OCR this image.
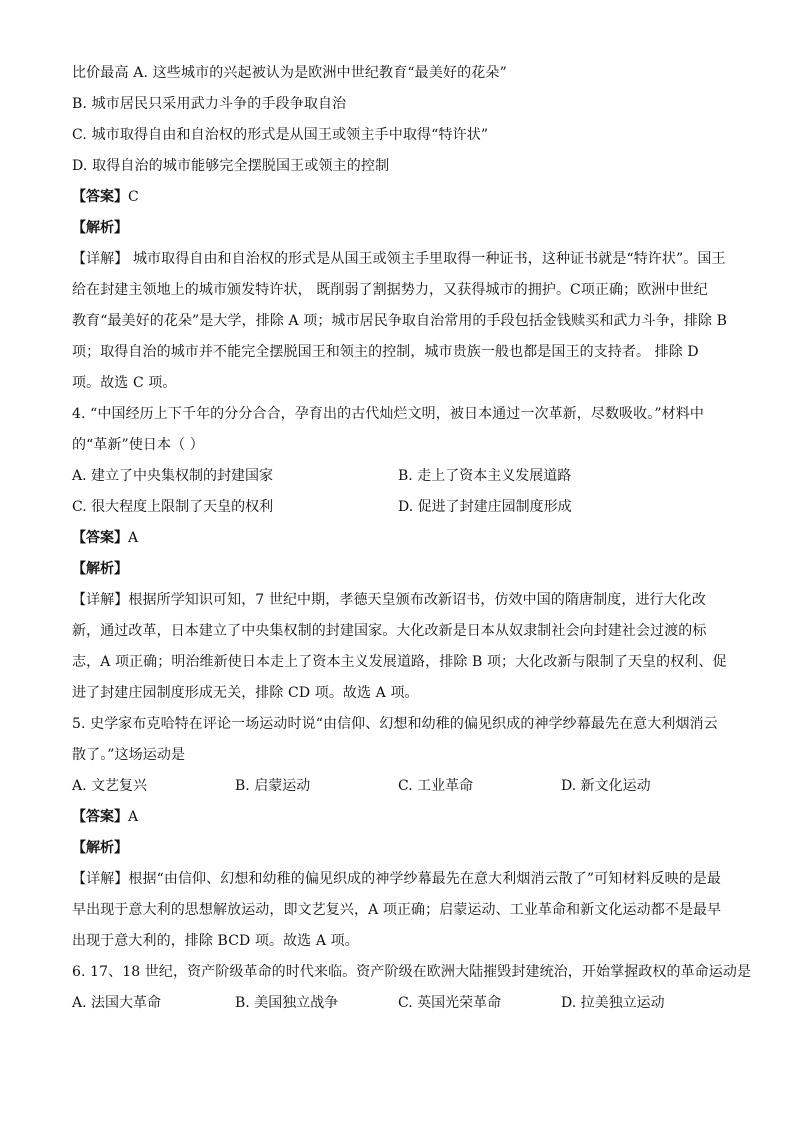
比价最高 A. 这些城市的兴起被认为是欧洲中世纪教育“最美好的花朵”
B. 城市居民只采用武力斗争的手段争取自治
C. 城市取得自由和自治权的形式是从国王或领主手中取得“特许状”
D. 取得自治的城市能够完全摆脱国王或领主的控制
【答案】C
【解析】
【详解】 城市取得自由和自治权的形式是从国王或领主手里取得一种证书，这种证书就是“特许状”。国王
给在封建主领地上的城市颁发特许状， 既削弱了割据势力，又获得城市的拥护。C项正确；欧洲中世纪
教育“最美好的花朵”是大学，排除 A 项；城市居民争取自治常用的手段包括金钱赎买和武力斗争，排除 B
项；取得自治的城市并不能完全摆脱国王和领主的控制，城市贵族一般也都是国王的支持者。 排除 D
项。故选 C 项。
4. “中国经历上下千年的分分合合，孕育出的古代灿烂文明，被日本通过一次革新，尽数吸收。”材料中
的“革新”使日本（ ）
A. 建立了中央集权制的封建国家	B. 走上了资本主义发展道路
C. 很大程度上限制了天皇的权利	D. 促进了封建庄园制度形成
【答案】A
【解析】
【详解】根据所学知识可知，7 世纪中期，孝德天皇颁布改新诏书，仿效中国的隋唐制度，进行大化改
新，通过改革，日本建立了中央集权制的封建国家。大化改新是日本从奴隶制社会向封建社会过渡的标
志，A 项正确；明治维新使日本走上了资本主义发展道路，排除 B 项；大化改新与限制了天皇的权利、促
进了封建庄园制度形成无关，排除 CD 项。故选 A 项。
5. 史学家布克哈特在评论一场运动时说“由信仰、幻想和幼稚的偏见织成的神学纱幕最先在意大利烟消云
散了。”这场运动是
A. 文艺复兴	B. 启蒙运动	C. 工业革命	D. 新文化运动
【答案】A
【解析】
【详解】根据“由信仰、幻想和幼稚的偏见织成的神学纱幕最先在意大利烟消云散了”可知材料反映的是最
早出现于意大利的思想解放运动，即文艺复兴，A 项正确；启蒙运动、工业革命和新文化运动都不是最早
出现于意大利的，排除 BCD 项。故选 A 项。
6. 17、18 世纪，资产阶级革命的时代来临。资产阶级在欧洲大陆摧毁封建统治，开始掌握政权的革命运动是
A. 法国大革命	B. 美国独立战争	C. 英国光荣革命	D. 拉美独立运动
